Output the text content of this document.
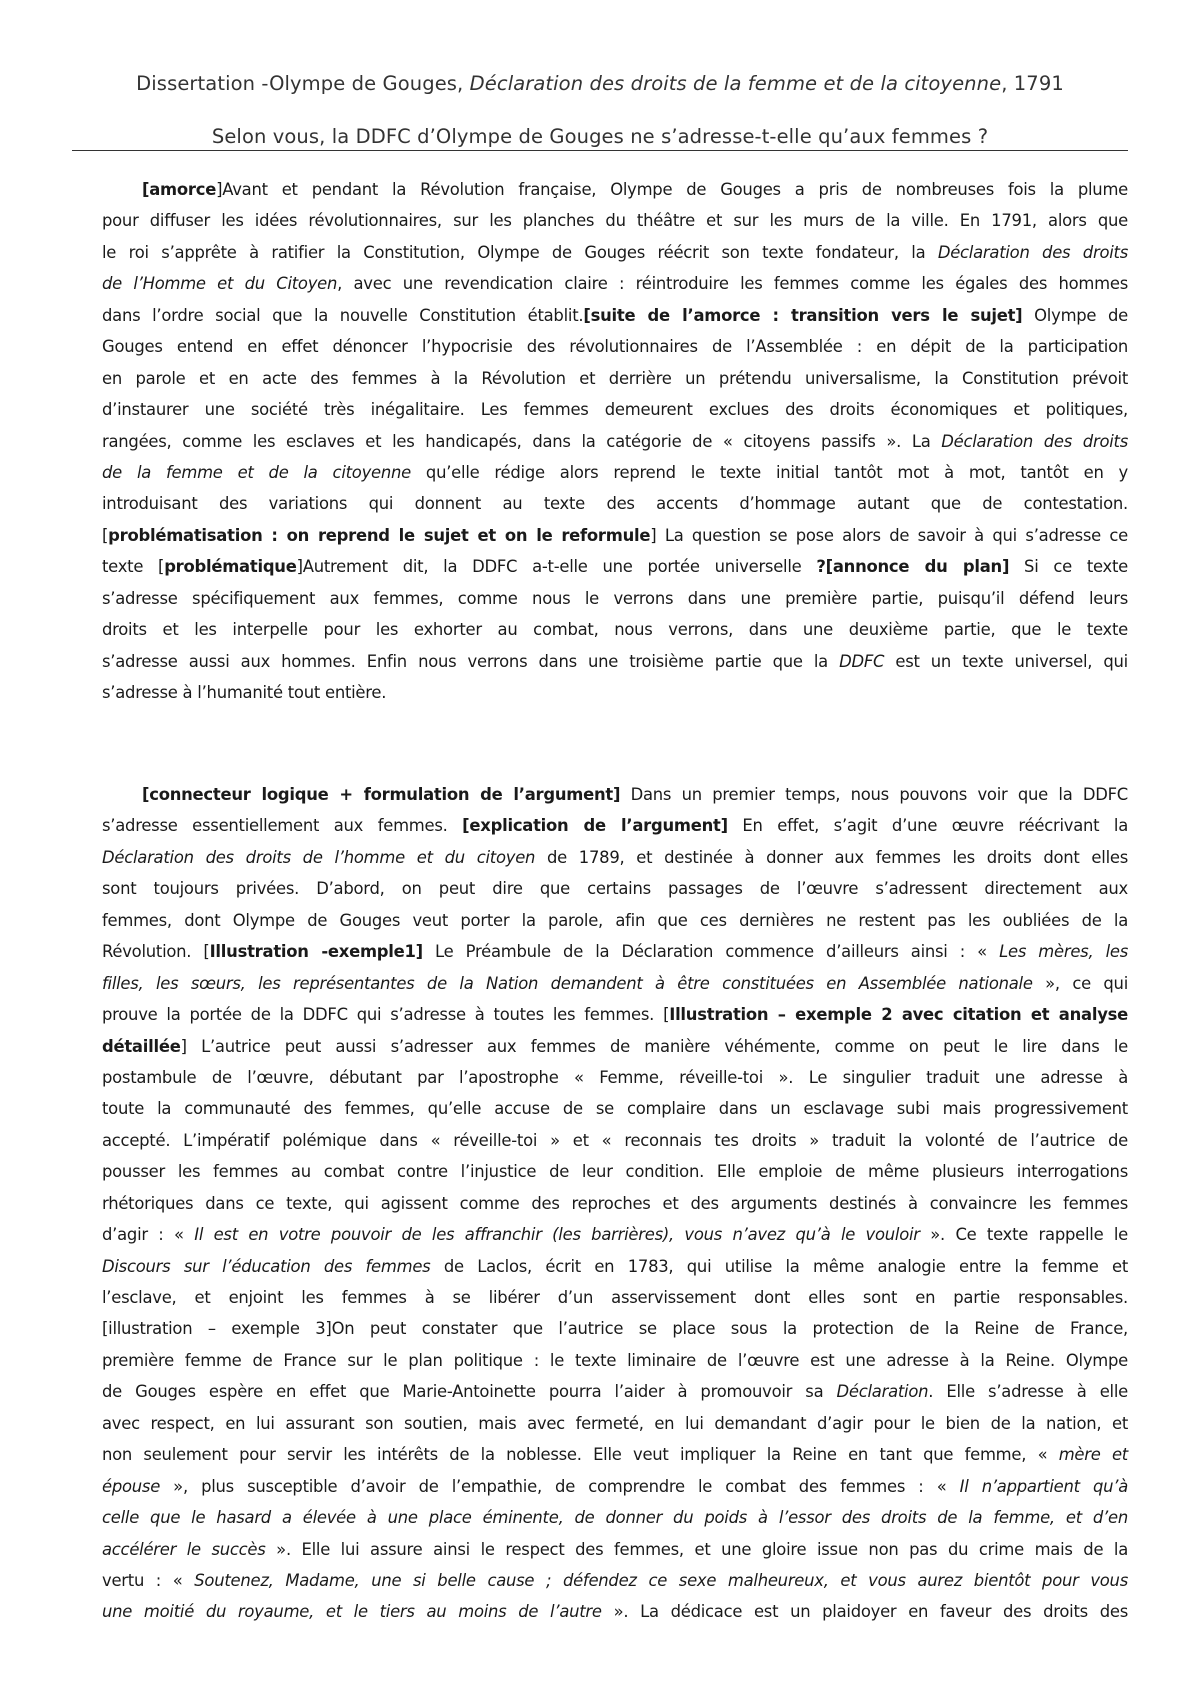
Dissertation -Olympe de Gouges, Déclaration des droits de la femme et de la citoyenne, 1791
Selon vous, la DDFC d’Olympe de Gouges ne s’adresse-t-elle qu’aux femmes ?
[amorce]Avant et pendant la Révolution française, Olympe de Gouges a pris de nombreuses fois la plume
pour diffuser les idées révolutionnaires, sur les planches du théâtre et sur les murs de la ville. En 1791, alors que
le roi s’apprête à ratifier la Constitution, Olympe de Gouges réécrit son texte fondateur, la Déclaration des droits
de l’Homme et du Citoyen, avec une revendication claire : réintroduire les femmes comme les égales des hommes
dans l’ordre social que la nouvelle Constitution établit.[suite de l’amorce : transition vers le sujet] Olympe de
Gouges entend en effet dénoncer l’hypocrisie des révolutionnaires de l’Assemblée : en dépit de la participation
en parole et en acte des femmes à la Révolution et derrière un prétendu universalisme, la Constitution prévoit
d’instaurer une société très inégalitaire. Les femmes demeurent exclues des droits économiques et politiques,
rangées, comme les esclaves et les handicapés, dans la catégorie de « citoyens passifs ». La Déclaration des droits
de la femme et de la citoyenne qu’elle rédige alors reprend le texte initial tantôt mot à mot, tantôt en y
introduisant des variations qui donnent au texte des accents d’hommage autant que de contestation.
[problématisation : on reprend le sujet et on le reformule] La question se pose alors de savoir à qui s’adresse ce
texte [problématique]Autrement dit, la DDFC a-t-elle une portée universelle ?[annonce du plan] Si ce texte
s’adresse spécifiquement aux femmes, comme nous le verrons dans une première partie, puisqu’il défend leurs
droits et les interpelle pour les exhorter au combat, nous verrons, dans une deuxième partie, que le texte
s’adresse aussi aux hommes. Enfin nous verrons dans une troisième partie que la DDFC est un texte universel, qui
s’adresse à l’humanité tout entière.
[connecteur logique + formulation de l’argument] Dans un premier temps, nous pouvons voir que la DDFC
s’adresse essentiellement aux femmes. [explication de l’argument] En effet, s’agit d’une œuvre réécrivant la
Déclaration des droits de l’homme et du citoyen de 1789, et destinée à donner aux femmes les droits dont elles
sont toujours privées. D’abord, on peut dire que certains passages de l’œuvre s’adressent directement aux
femmes, dont Olympe de Gouges veut porter la parole, afin que ces dernières ne restent pas les oubliées de la
Révolution. [Illustration -exemple1] Le Préambule de la Déclaration commence d’ailleurs ainsi : « Les mères, les
filles, les sœurs, les représentantes de la Nation demandent à être constituées en Assemblée nationale », ce qui
prouve la portée de la DDFC qui s’adresse à toutes les femmes. [Illustration – exemple 2 avec citation et analyse
détaillée] L’autrice peut aussi s’adresser aux femmes de manière véhémente, comme on peut le lire dans le
postambule de l’œuvre, débutant par l’apostrophe « Femme, réveille-toi ». Le singulier traduit une adresse à
toute la communauté des femmes, qu’elle accuse de se complaire dans un esclavage subi mais progressivement
accepté. L’impératif polémique dans « réveille-toi » et « reconnais tes droits » traduit la volonté de l’autrice de
pousser les femmes au combat contre l’injustice de leur condition. Elle emploie de même plusieurs interrogations
rhétoriques dans ce texte, qui agissent comme des reproches et des arguments destinés à convaincre les femmes
d’agir : « Il est en votre pouvoir de les affranchir (les barrières), vous n’avez qu’à le vouloir ». Ce texte rappelle le
Discours sur l’éducation des femmes de Laclos, écrit en 1783, qui utilise la même analogie entre la femme et
l’esclave, et enjoint les femmes à se libérer d’un asservissement dont elles sont en partie responsables.
[illustration – exemple 3]On peut constater que l’autrice se place sous la protection de la Reine de France,
première femme de France sur le plan politique : le texte liminaire de l’œuvre est une adresse à la Reine. Olympe
de Gouges espère en effet que Marie-Antoinette pourra l’aider à promouvoir sa Déclaration. Elle s’adresse à elle
avec respect, en lui assurant son soutien, mais avec fermeté, en lui demandant d’agir pour le bien de la nation, et
non seulement pour servir les intérêts de la noblesse. Elle veut impliquer la Reine en tant que femme, « mère et
épouse », plus susceptible d’avoir de l’empathie, de comprendre le combat des femmes : « Il n’appartient qu’à
celle que le hasard a élevée à une place éminente, de donner du poids à l’essor des droits de la femme, et d’en
accélérer le succès ». Elle lui assure ainsi le respect des femmes, et une gloire issue non pas du crime mais de la
vertu : « Soutenez, Madame, une si belle cause ; défendez ce sexe malheureux, et vous aurez bientôt pour vous
une moitié du royaume, et le tiers au moins de l’autre ». La dédicace est un plaidoyer en faveur des droits des
